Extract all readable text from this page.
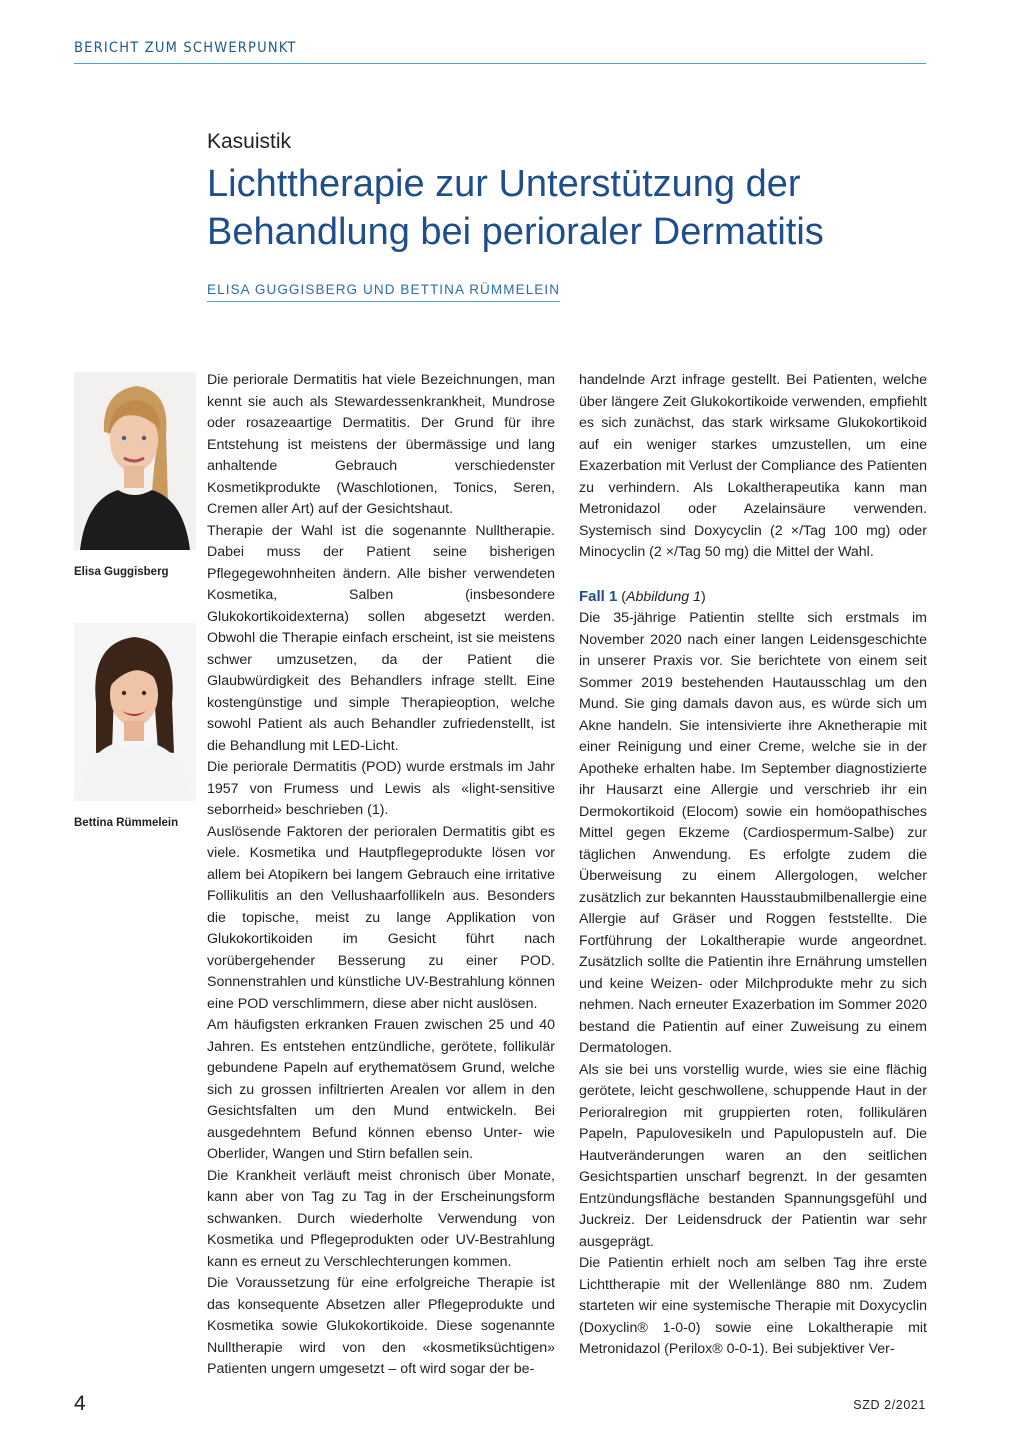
BERICHT ZUM SCHWERPUNKT
Kasuistik
Lichttherapie zur Unterstützung der Behandlung bei perioraler Dermatitis
ELISA GUGGISBERG UND BETTINA RÜMMELEIN
Elisa Guggisberg
Bettina Rümmelein

Die periorale Dermatitis hat viele Bezeichnungen, man kennt sie auch als Stewardessenkrankheit, Mundrose oder rosazeaartige Dermatitis. Der Grund für ihre Entstehung ist meistens der übermässige und lang anhaltende Gebrauch verschiedenster Kosmetikprodukte (Waschlotionen, Tonics, Seren, Cremen aller Art) auf der Gesichtshaut.

Therapie der Wahl ist die sogenannte Nulltherapie. Dabei muss der Patient seine bisherigen Pflegegewohnheiten ändern. Alle bisher verwendeten Kosmetika, Salben (insbesondere Glukokortikoidexterna) sollen abgesetzt werden. Obwohl die Therapie einfach erscheint, ist sie meistens schwer umzusetzen, da der Patient die Glaubwürdigkeit des Behandlers infrage stellt. Eine kostengünstige und simple Therapieoption, welche sowohl Patient als auch Behandler zufriedenstellt, ist die Behandlung mit LED-Licht.

Die periorale Dermatitis (POD) wurde erstmals im Jahr 1957 von Frumess und Lewis als «light-sensitive seborrheid» beschrieben (1).

Auslösende Faktoren der perioralen Dermatitis gibt es viele. Kosmetika und Hautpflegeprodukte lösen vor allem bei Atopikern bei langem Gebrauch eine irritative Follikulitis an den Vellushaarfollikeln aus. Besonders die topische, meist zu lange Applikation von Glukokortikoiden im Gesicht führt nach vorübergehender Besserung zu einer POD. Sonnenstrahlen und künstliche UV-Bestrahlung können eine POD verschlimmern, diese aber nicht auslösen.

Am häufigsten erkranken Frauen zwischen 25 und 40 Jahren. Es entstehen entzündliche, gerötete, follikulär gebundene Papeln auf erythematösem Grund, welche sich zu grossen infiltrierten Arealen vor allem in den Gesichtsfalten um den Mund entwickeln. Bei ausgedehntem Befund können ebenso Unter- wie Oberlider, Wangen und Stirn befallen sein.

Die Krankheit verläuft meist chronisch über Monate, kann aber von Tag zu Tag in der Erscheinungsform schwanken. Durch wiederholte Verwendung von Kosmetika und Pflegeprodukten oder UV-Bestrahlung kann es erneut zu Verschlechterungen kommen.

Die Voraussetzung für eine erfolgreiche Therapie ist das konsequente Absetzen aller Pflegeprodukte und Kosmetika sowie Glukokortikoide. Diese sogenannte Nulltherapie wird von den «kosmetiksüchtigen» Patienten ungern umgesetzt – oft wird sogar der be-

handelnde Arzt infrage gestellt. Bei Patienten, welche über längere Zeit Glukokortikoide verwenden, empfiehlt es sich zunächst, das stark wirksame Glukokortikoid auf ein weniger starkes umzustellen, um eine Exazerbation mit Verlust der Compliance des Patienten zu verhindern. Als Lokaltherapeutika kann man Metronidazol oder Azelainsäure verwenden. Systemisch sind Doxycyclin (2 ×/Tag 100 mg) oder Minocyclin (2 ×/Tag 50 mg) die Mittel der Wahl.

Fall 1 (Abbildung 1)

Die 35-jährige Patientin stellte sich erstmals im November 2020 nach einer langen Leidensgeschichte in unserer Praxis vor. Sie berichtete von einem seit Sommer 2019 bestehenden Hautausschlag um den Mund. Sie ging damals davon aus, es würde sich um Akne handeln. Sie intensivierte ihre Aknetherapie mit einer Reinigung und einer Creme, welche sie in der Apotheke erhalten habe. Im September diagnostizierte ihr Hausarzt eine Allergie und verschrieb ihr ein Dermokortikoid (Elocom) sowie ein homöopathisches Mittel gegen Ekzeme (Cardiospermum-Salbe) zur täglichen Anwendung. Es erfolgte zudem die Überweisung zu einem Allergologen, welcher zusätzlich zur bekannten Hausstaubmilbenallergie eine Allergie auf Gräser und Roggen feststellte. Die Fortführung der Lokaltherapie wurde angeordnet. Zusätzlich sollte die Patientin ihre Ernährung umstellen und keine Weizen- oder Milchprodukte mehr zu sich nehmen. Nach erneuter Exazerbation im Sommer 2020 bestand die Patientin auf einer Zuweisung zu einem Dermatologen.

Als sie bei uns vorstellig wurde, wies sie eine flächig gerötete, leicht geschwollene, schuppende Haut in der Perioralregion mit gruppierten roten, follikulären Papeln, Papulovesikeln und Papulopusteln auf. Die Hautveränderungen waren an den seitlichen Gesichtspartien unscharf begrenzt. In der gesamten Entzündungsfläche bestanden Spannungsgefühl und Juckreiz. Der Leidensdruck der Patientin war sehr ausgeprägt.

Die Patientin erhielt noch am selben Tag ihre erste Lichttherapie mit der Wellenlänge 880 nm. Zudem starteten wir eine systemische Therapie mit Doxycyclin (Doxyclin® 1-0-0) sowie eine Lokaltherapie mit Metronidazol (Perilox® 0-0-1). Bei subjektiver Ver-

4	SZD 2/2021
